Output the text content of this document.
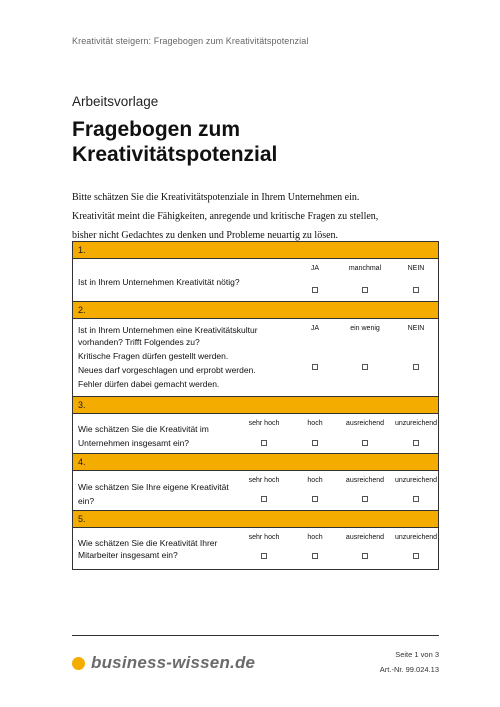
Kreativität steigern: Fragebogen zum Kreativitätspotenzial
Arbeitsvorlage
Fragebogen zum
Kreativitätspotenzial
Bitte schätzen Sie die Kreativitätspotenziale in Ihrem Unternehmen ein.
Kreativität meint die Fähigkeiten, anregende und kritische Fragen zu stellen,
bisher nicht Gedachtes zu denken und Probleme neuartig zu lösen.
1.
Ist in Ihrem Unternehmen Kreativität nötig?
JA	manchmal	NEIN
2.
Ist in Ihrem Unternehmen eine Kreativitätskultur
vorhanden? Trifft Folgendes zu?
Kritische Fragen dürfen gestellt werden.
Neues darf vorgeschlagen und erprobt werden.
Fehler dürfen dabei gemacht werden.
JA	ein wenig	NEIN
3.
Wie schätzen Sie die Kreativität im
Unternehmen insgesamt ein?
sehr hoch	hoch	ausreichend	unzureichend
4.
Wie schätzen Sie Ihre eigene Kreativität
ein?
sehr hoch	hoch	ausreichend	unzureichend
5.
Wie schätzen Sie die Kreativität Ihrer
Mitarbeiter insgesamt ein?
sehr hoch	hoch	ausreichend	unzureichend
business-wissen.de	Seite 1 von 3
Art.-Nr. 99.024.13
